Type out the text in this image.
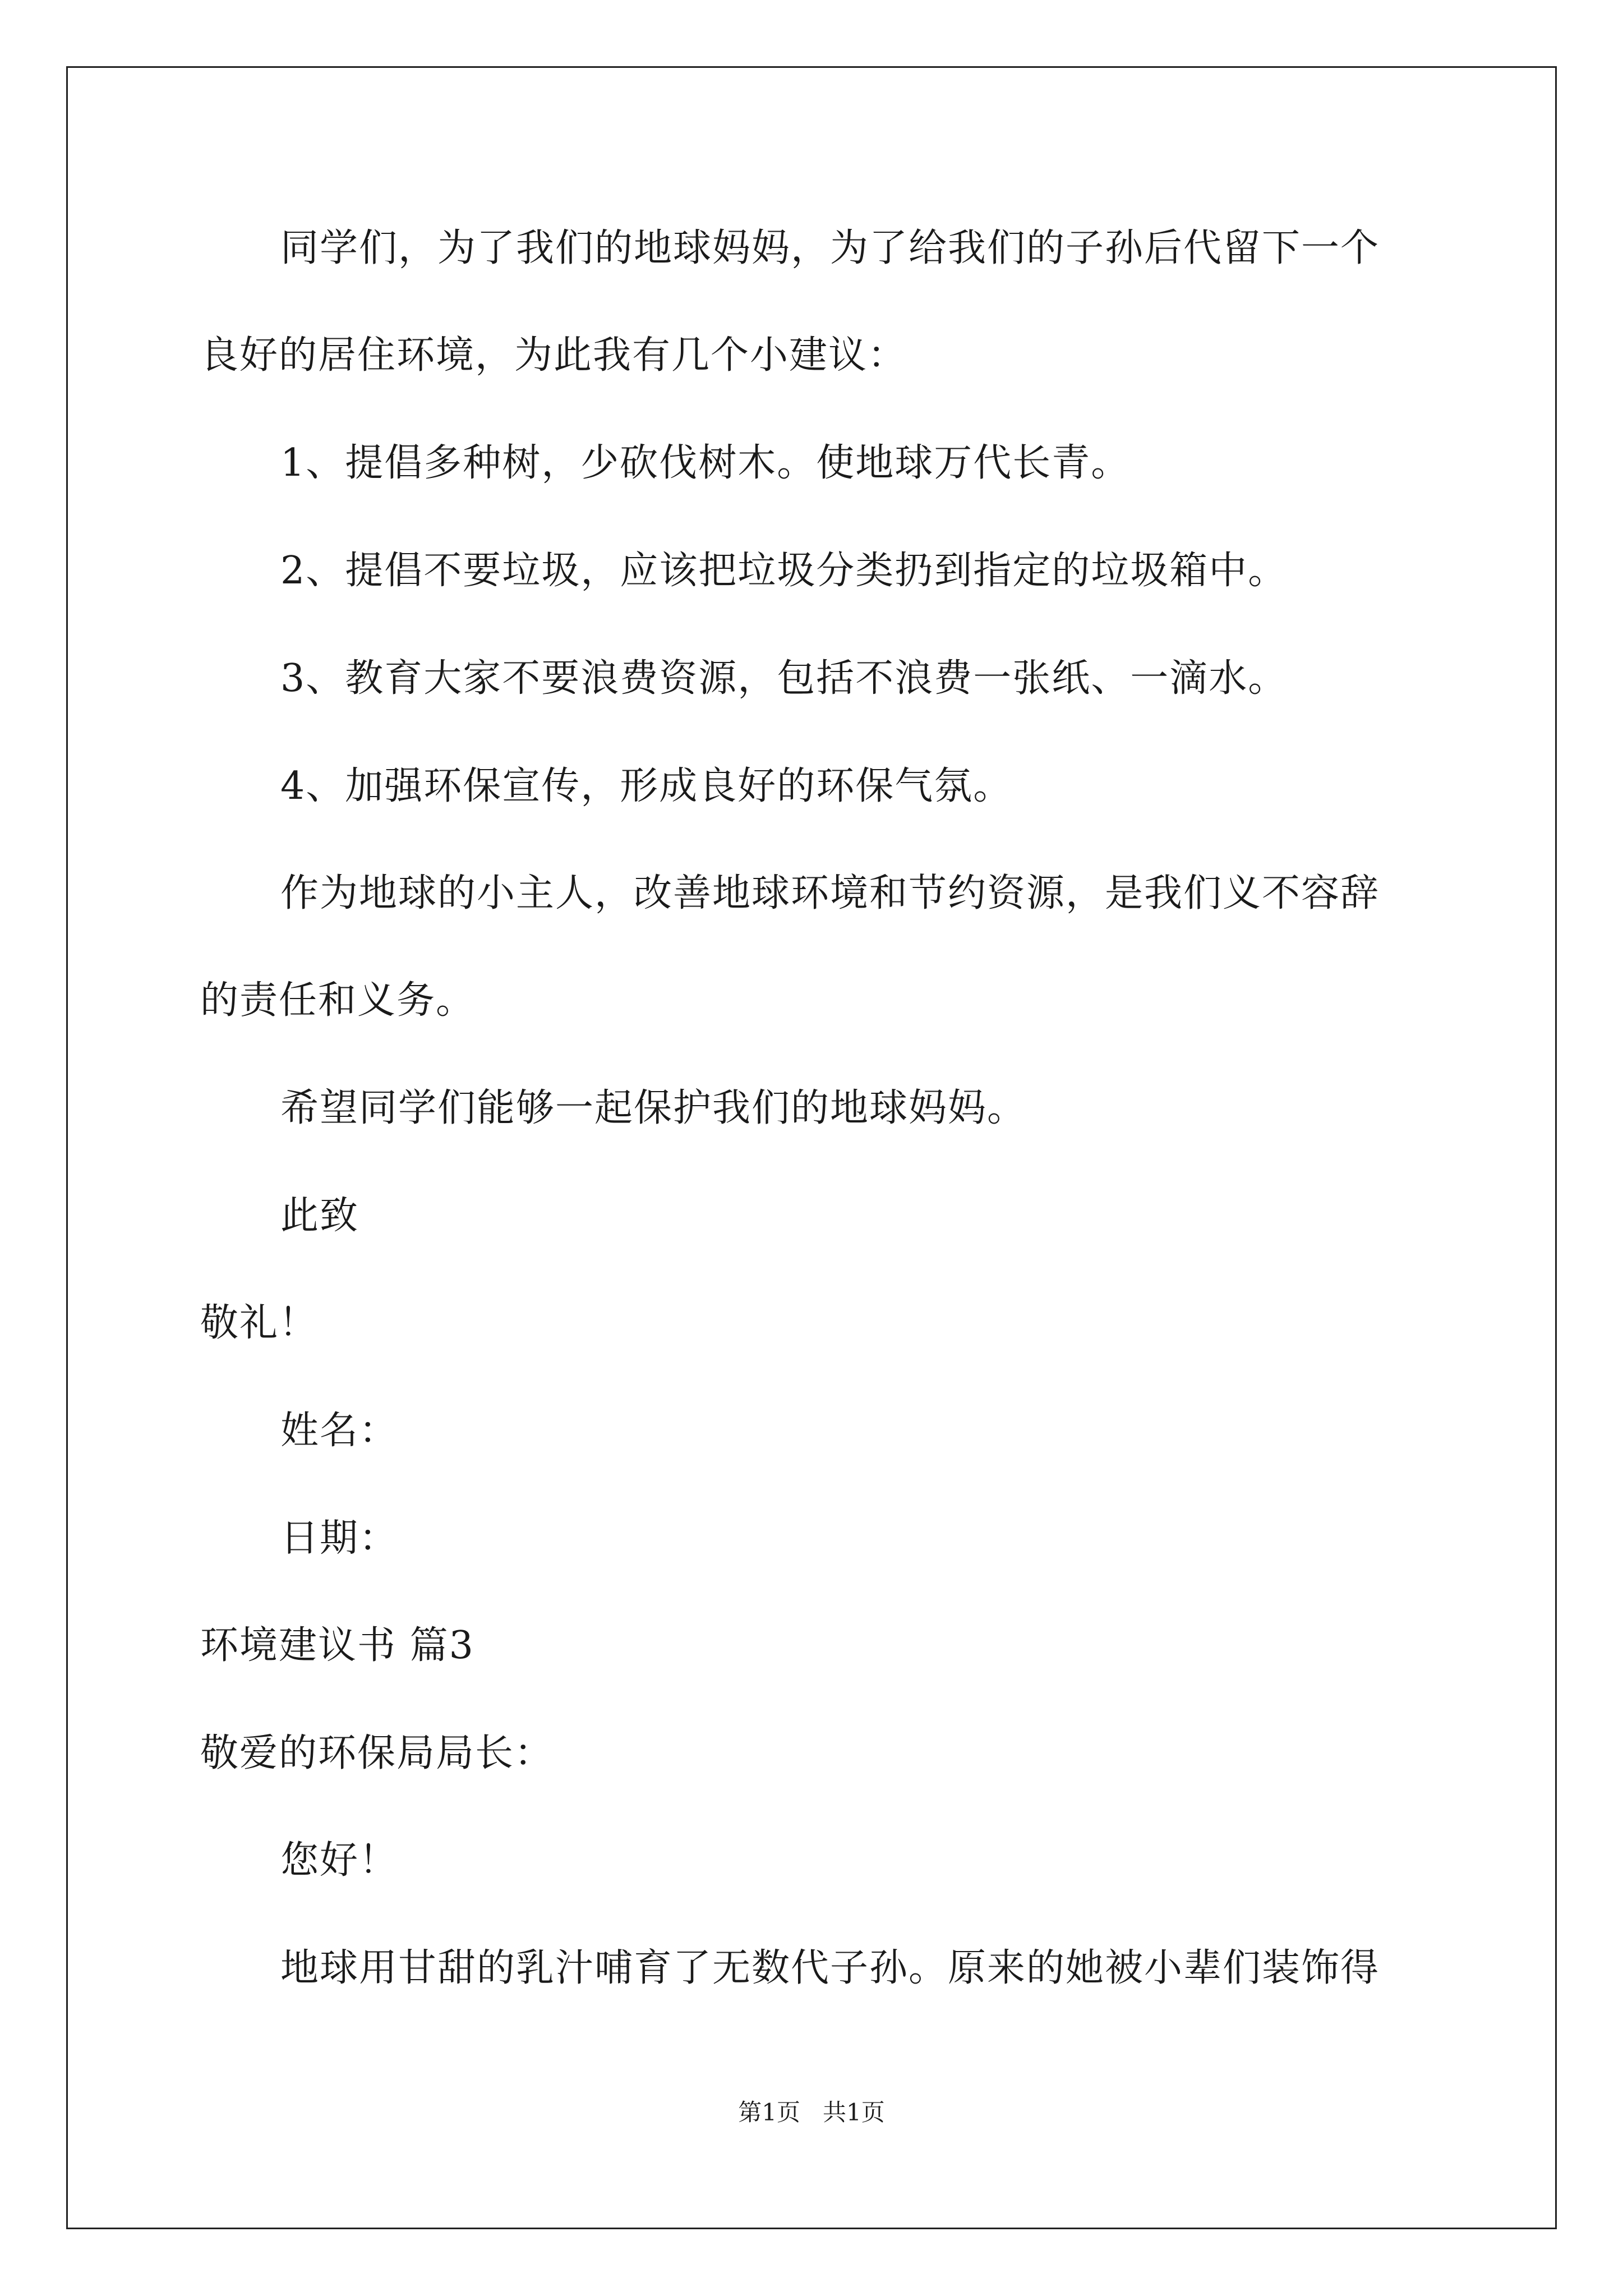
同学们，为了我们的地球妈妈，为了给我们的子孙后代留下一个
良好的居住环境，为此我有几个小建议：
1、提倡多种树，少砍伐树木。使地球万代长青。
2、提倡不要垃圾，应该把垃圾分类扔到指定的垃圾箱中。
3、教育大家不要浪费资源，包括不浪费一张纸、一滴水。
4、加强环保宣传，形成良好的环保气氛。
作为地球的小主人，改善地球环境和节约资源，是我们义不容辞
的责任和义务。
希望同学们能够一起保护我们的地球妈妈。
此致
敬礼！
姓名：
日期：
环境建议书 篇3
敬爱的环保局局长：
您好！
地球用甘甜的乳汁哺育了无数代子孙。原来的她被小辈们装饰得
第1页   共1页
